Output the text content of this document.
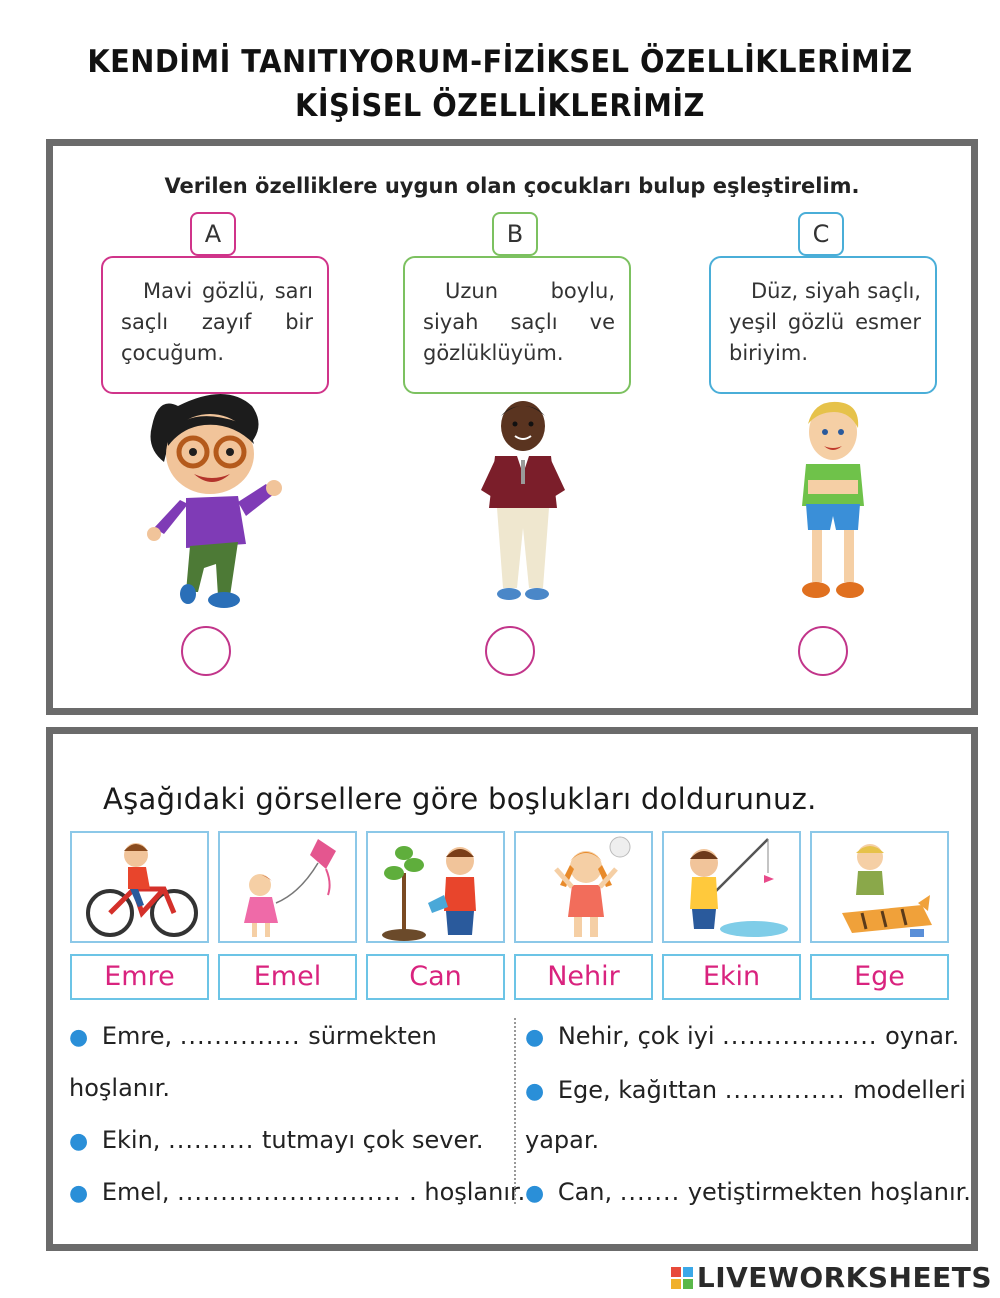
KENDİMİ TANITIYORUM-FİZİKSEL ÖZELLİKLERİMİZ
KİŞİSEL ÖZELLİKLERİMİZ
Verilen özelliklere uygun olan çocukları bulup eşleştirelim.
A
Mavi gözlü, sarı saçlı zayıf bir çocuğum.
B
Uzun boylu, siyah saçlı ve gözlüklüyüm.
C
Düz, siyah saçlı, yeşil gözlü esmer biriyim.
Aşağıdaki görsellere göre boşlukları doldurunuz.
Emre	Emel	Can	Nehir	Ekin	Ege
● Emre, .............. sürmekten
hoşlanır.
● Ekin, .......... tutmayı çok sever.
● Emel, .......................... . hoşlanır.
● Nehir, çok iyi .................. oynar.
● Ege, kağıttan .............. modelleri
yapar.
● Can, ....... yetiştirmekten hoşlanır.
LIVEWORKSHEETS
